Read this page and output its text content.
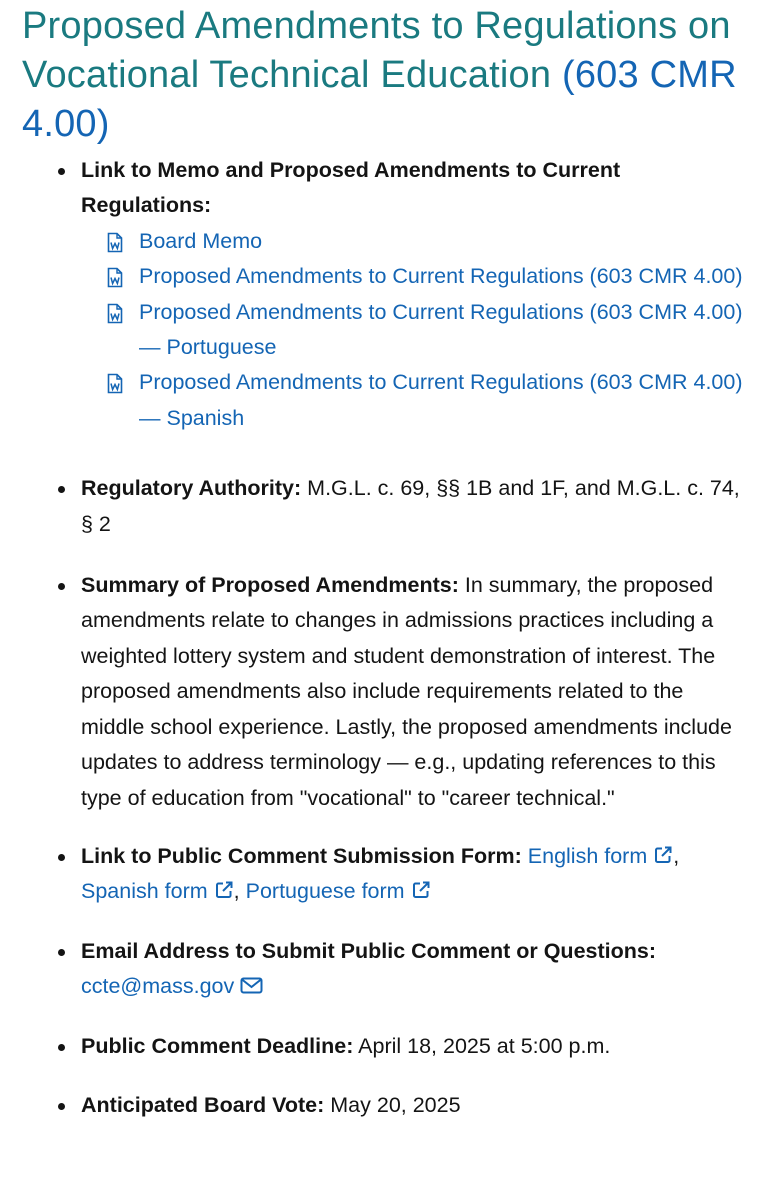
Proposed Amendments to Regulations on Vocational Technical Education (603 CMR 4.00)
Link to Memo and Proposed Amendments to Current Regulations:
Board Memo
Proposed Amendments to Current Regulations (603 CMR 4.00)
Proposed Amendments to Current Regulations (603 CMR 4.00) — Portuguese
Proposed Amendments to Current Regulations (603 CMR 4.00) — Spanish
Regulatory Authority: M.G.L. c. 69, §§ 1B and 1F, and M.G.L. c. 74, § 2
Summary of Proposed Amendments: In summary, the proposed amendments relate to changes in admissions practices including a weighted lottery system and student demonstration of interest. The proposed amendments also include requirements related to the middle school experience. Lastly, the proposed amendments include updates to address terminology — e.g., updating references to this type of education from "vocational" to "career technical."
Link to Public Comment Submission Form: English form , Spanish form , Portuguese form
Email Address to Submit Public Comment or Questions: ccte@mass.gov
Public Comment Deadline: April 18, 2025 at 5:00 p.m.
Anticipated Board Vote: May 20, 2025
